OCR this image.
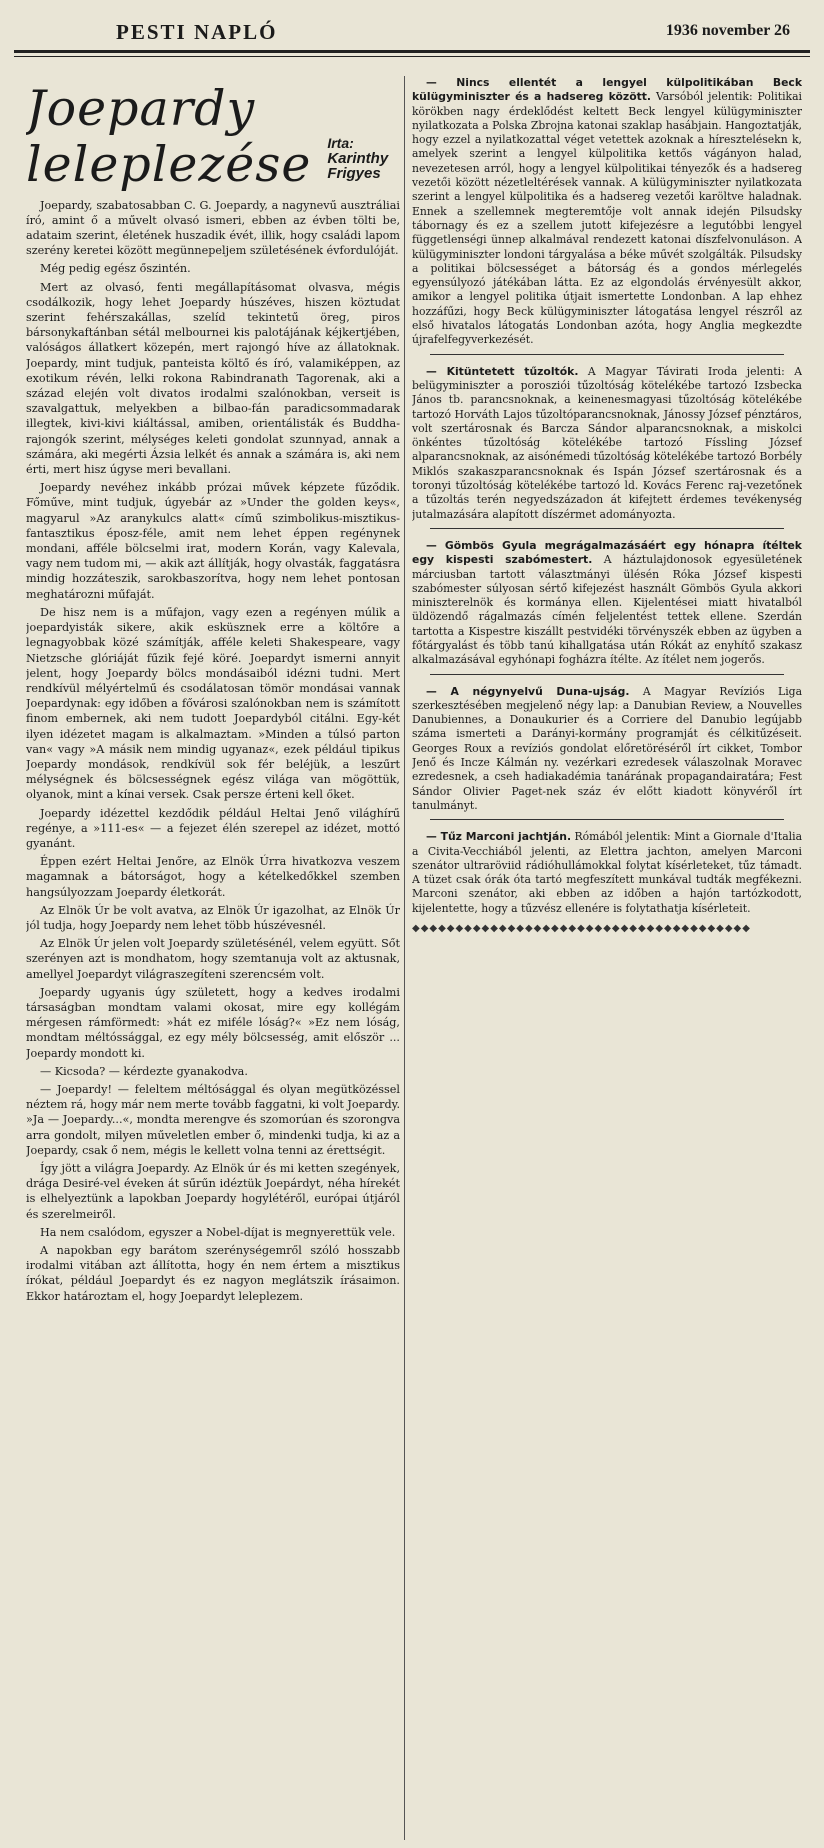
PESTI NAPLÓ	1936 november 26
Joepardy
leleplezése Irta:
Karinthy Frigyes

Joepardy, szabatosabban C. G. Joepardy, a nagynevű ausztráliai író, amint ő a művelt olvasó ismeri, ebben az évben tölti be, adataim szerint, életének huszadik évét, illik, hogy családi lapom szerény keretei között megünnepeljem születésének évfordulóját.

Még pedig egész őszintén.

Mert az olvasó, fenti megállapításomat olvasva, mégis csodálkozik, hogy lehet Joepardy húszéves, hiszen köztudat szerint fehérszakállas, szelíd tekintetű öreg, piros bársonykaftánban sétál melbournei kis palotájának kéjkertjében, valóságos állatkert közepén, mert rajongó híve az állatoknak. Joepardy, mint tudjuk, panteista költő és író, valamiképpen, az exotikum révén, lelki rokona Rabindranath Tagorenak, aki a század elején volt divatos irodalmi szalónokban, verseit is szavalgattuk, melyekben a bilbao-fán paradicsommadarak illegtek, kivi-kivi kiáltással, amiben, orientálisták és Buddha-rajongók szerint, mélységes keleti gondolat szunnyad, annak a számára, aki megérti Ázsia lelkét és annak a számára is, aki nem érti, mert hisz úgyse meri bevallani.

Joepardy nevéhez inkább prózai művek képzete fűződik. Főműve, mint tudjuk, úgyebár az »Under the golden keys«, magyarul »Az aranykulcs alatt« című szimbolikus-misztikus-fantasztikus éposz-féle, amit nem lehet éppen regénynek mondani, afféle bölcselmi irat, modern Korán, vagy Kalevala, vagy nem tudom mi, — akik azt állítják, hogy olvasták, faggatásra mindig hozzáteszik, sarokbaszorítva, hogy nem lehet pontosan meghatározni műfaját.

De hisz nem is a műfajon, vagy ezen a regényen múlik a joepardyisták sikere, akik esküsznek erre a költőre a legnagyobbak közé számítják, afféle keleti Shakespeare, vagy Nietzsche glóriáját fűzik fejé köré. Joepardyt ismerni annyit jelent, hogy Joepardy bölcs mondásaiból idézni tudni. Mert rendkívül mélyértelmű és csodálatosan tömör mondásai vannak Joepardynak: egy időben a fővárosi szalónokban nem is számított finom embernek, aki nem tudott Joepardyból citálni. Egy-két ilyen idézetet magam is alkalmaztam. »Minden a túlsó parton van« vagy »A másik nem mindig ugyanaz«, ezek például tipikus Joepardy mondások, rendkívül sok fér beléjük, a leszűrt mélységnek és bölcsességnek egész világa van mögöttük, olyanok, mint a kínai versek. Csak persze érteni kell őket.

Joepardy idézettel kezdődik például Heltai Jenő világhírű regénye, a »111-es« — a fejezet élén szerepel az idézet, mottó gyanánt.

Éppen ezért Heltai Jenőre, az Elnök Úrra hivatkozva veszem magamnak a bátorságot, hogy a kételkedőkkel szemben hangsúlyozzam Joepardy életkorát.

Az Elnök Úr be volt avatva, az Elnök Úr igazolhat, az Elnök Úr jól tudja, hogy Joepardy nem lehet több húszévesnél.

Az Elnök Úr jelen volt Joepardy születésénél, velem együtt. Sőt szerényen azt is mondhatom, hogy szemtanuja volt az aktusnak, amellyel Joepardyt világraszegíteni szerencsém volt.

Joepardy ugyanis úgy született, hogy a kedves irodalmi társaságban mondtam valami okosat, mire egy kollégám mérgesen rámförmedt: »hát ez miféle lóság?« »Ez nem lóság, mondtam méltóssággal, ez egy mély bölcsesség, amit először ... Joepardy mondott ki.

— Kicsoda? — kérdezte gyanakodva.

— Joepardy! — feleltem méltósággal és olyan megütközéssel néztem rá, hogy már nem merte tovább faggatni, ki volt Joepardy. »Ja — Joepardy...«, mondta merengve és szomorúan és szorongva arra gondolt, milyen műveletlen ember ő, mindenki tudja, ki az a Joepardy, csak ő nem, mégis le kellett volna tenni az érettségit.

Így jött a világra Joepardy. Az Elnök úr és mi ketten szegények, drága Desiré-vel éveken át sűrűn idéztük Joepárdyt, néha hírekét is elhelyeztünk a lapokban Joepardy hogylétéről, európai útjáról és szerelmeiről.

Ha nem csalódom, egyszer a Nobel-díjat is megnyerettük vele.

A napokban egy barátom szerénységemről szóló hosszabb irodalmi vitában azt állította, hogy én nem értem a misztikus írókat, például Joepardyt és ez nagyon meglátszik írásaimon. Ekkor határoztam el, hogy Joepardyt leleplezem.

— Nincs ellentét a lengyel külpolitikában Beck külügyminiszter és a hadsereg között. Varsóból jelentik: Politikai körökben nagy érdeklődést keltett Beck lengyel külügyminiszter nyilatkozata a Polska Zbrojna katonai szaklap hasábjain. Hangoztatják, hogy ezzel a nyilatkozattal véget vetettek azoknak a híresztelésekn k, amelyek szerint a lengyel külpolitika kettős vágányon halad, nevezetesen arról, hogy a lengyel külpolitikai tényezők és a hadsereg vezetői között nézetleltérések vannak. A külügyminiszter nyilatkozata szerint a lengyel külpolitika és a hadsereg vezetői karöltve haladnak. Ennek a szellemnek megteremtője volt annak idején Pilsudsky tábornagy és ez a szellem jutott kifejezésre a legutóbbi lengyel függetlenségi ünnep alkalmával rendezett katonai díszfelvonuláson. A külügyminiszter londoni tárgyalása a béke művét szolgálták. Pilsudsky a politikai bölcsességet a bátorság és a gondos mérlegelés egyensúlyozó játékában látta. Ez az elgondolás érvényesült akkor, amikor a lengyel politika útjait ismertette Londonban. A lap ehhez hozzáfűzi, hogy Beck külügyminiszter látogatása lengyel részről az első hivatalos látogatás Londonban azóta, hogy Anglia megkezdte újrafelfegyverkezését.

— Kitüntetett tűzoltók. A Magyar Távirati Iroda jelenti: A belügyminiszter a porosziói tűzoltóság kötelékébe tartozó Izsbecka János tb. parancsnoknak, a keinenesmagyasi tűzoltóság kötelékébe tartozó Horváth Lajos tűzoltóparancsnoknak, Jánossy József pénztáros, volt szertárosnak és Barcza Sándor alparancsnoknak, a miskolci önkéntes tűzoltóság kötelékébe tartozó Físsling József alparancsnoknak, az aisónémedi tűzoltóság kötelékébe tartozó Borbély Miklós szakaszparancsnoknak és Ispán József szertárosnak és a toronyi tűzoltóság kötelékébe tartozó ld. Kovács Ferenc raj-vezetőnek a tűzoltás terén negyedszázadon át kifejtett érdemes tevékenység jutalmazására alapított díszérmet adományozta.

— Gömbös Gyula megrágalmazásáért egy hónapra ítéltek egy kispesti szabómestert. A háztulajdonosok egyesületének márciusban tartott választmányi ülésén Róka József kispesti szabómester súlyosan sértő kifejezést használt Gömbös Gyula akkori miniszterelnök és kormánya ellen. Kijelentései miatt hivatalból üldözendő rágalmazás címén feljelentést tettek ellene. Szerdán tartotta a Kispestre kiszállt pestvidéki törvényszék ebben az ügyben a főtárgyalást és több tanú kihallgatása után Rókát az enyhítő szakasz alkalmazásával egyhónapi fogházra ítélte. Az ítélet nem jogerős.

— A négynyelvű Duna-ujság. A Magyar Revíziós Liga szerkesztésében megjelenő négy lap: a Danubian Review, a Nouvelles Danubiennes, a Donaukurier és a Corriere del Danubio legújabb száma ismerteti a Darányi-kormány programját és célkitűzéseit. Georges Roux a revíziós gondolat előretöréséről írt cikket, Tombor Jenő és Incze Kálmán ny. vezérkari ezredesek válaszolnak Moravec ezredesnek, a cseh hadiakadémia tanárának propagandairatára; Fest Sándor Olivier Paget-nek száz év előtt kiadott könyvéről írt tanulmányt.

— Tűz Marconi jachtján. Rómából jelentik: Mint a Giornale d'Italia a Civita-Vecchiából jelenti, az Elettra jachton, amelyen Marconi szenátor ultraröviid rádióhullámokkal folytat kísérleteket, tűz támadt. A tüzet csak órák óta tartó megfeszített munkával tudták megfékezni. Marconi szenátor, aki ebben az időben a hajón tartózkodott, kijelentette, hogy a tűzvész ellenére is folytathatja kísérleteit.

◆◆◆◆◆◆◆◆◆◆◆◆◆◆◆◆◆◆◆◆◆◆◆◆◆◆◆◆◆◆◆◆◆◆◆◆◆◆◆
